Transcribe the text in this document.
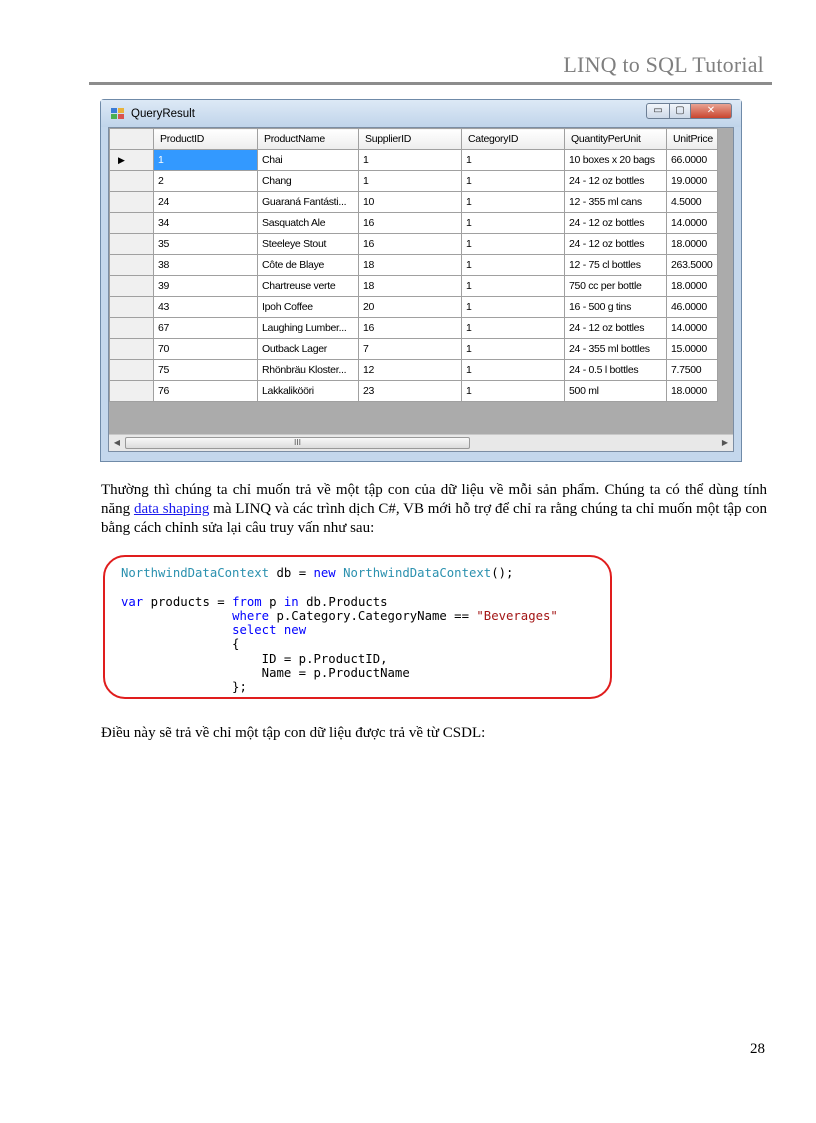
LINQ to SQL Tutorial
QueryResult	▭	▢	✕
	ProductID	ProductName	SupplierID	CategoryID	QuantityPerUnit	UnitPrice
▶	1	Chai	1	1	10 boxes x 20 bags	66.0000
	2	Chang	1	1	24 - 12 oz bottles	19.0000
	24	Guaraná Fantásti...	10	1	12 - 355 ml cans	4.5000
	34	Sasquatch Ale	16	1	24 - 12 oz bottles	14.0000
	35	Steeleye Stout	16	1	24 - 12 oz bottles	18.0000
	38	Côte de Blaye	18	1	12 - 75 cl bottles	263.5000
	39	Chartreuse verte	18	1	750 cc per bottle	18.0000
	43	Ipoh Coffee	20	1	16 - 500 g tins	46.0000
	67	Laughing Lumber...	16	1	24 - 12 oz bottles	14.0000
	70	Outback Lager	7	1	24 - 355 ml bottles	15.0000
	75	Rhönbräu Kloster...	12	1	24 - 0.5 l bottles	7.7500
	76	Lakkalikööri	23	1	500 ml	18.0000
◀	III	▶
Thường thì chúng ta chỉ muốn trả về một tập con của dữ liệu về mỗi sản phẩm. Chúng ta có thể dùng tính năng data shaping mà LINQ và các trình dịch C#, VB mới hỗ trợ để chỉ ra rằng chúng ta chỉ muốn một tập con bằng cách chỉnh sửa lại câu truy vấn như sau:
NorthwindDataContext db = new NorthwindDataContext();

var products = from p in db.Products
where p.Category.CategoryName == "Beverages"
select new
{
ID = p.ProductID,
Name = p.ProductName
};
Điều này sẽ trả về chỉ một tập con dữ liệu được trả về từ CSDL:
28
